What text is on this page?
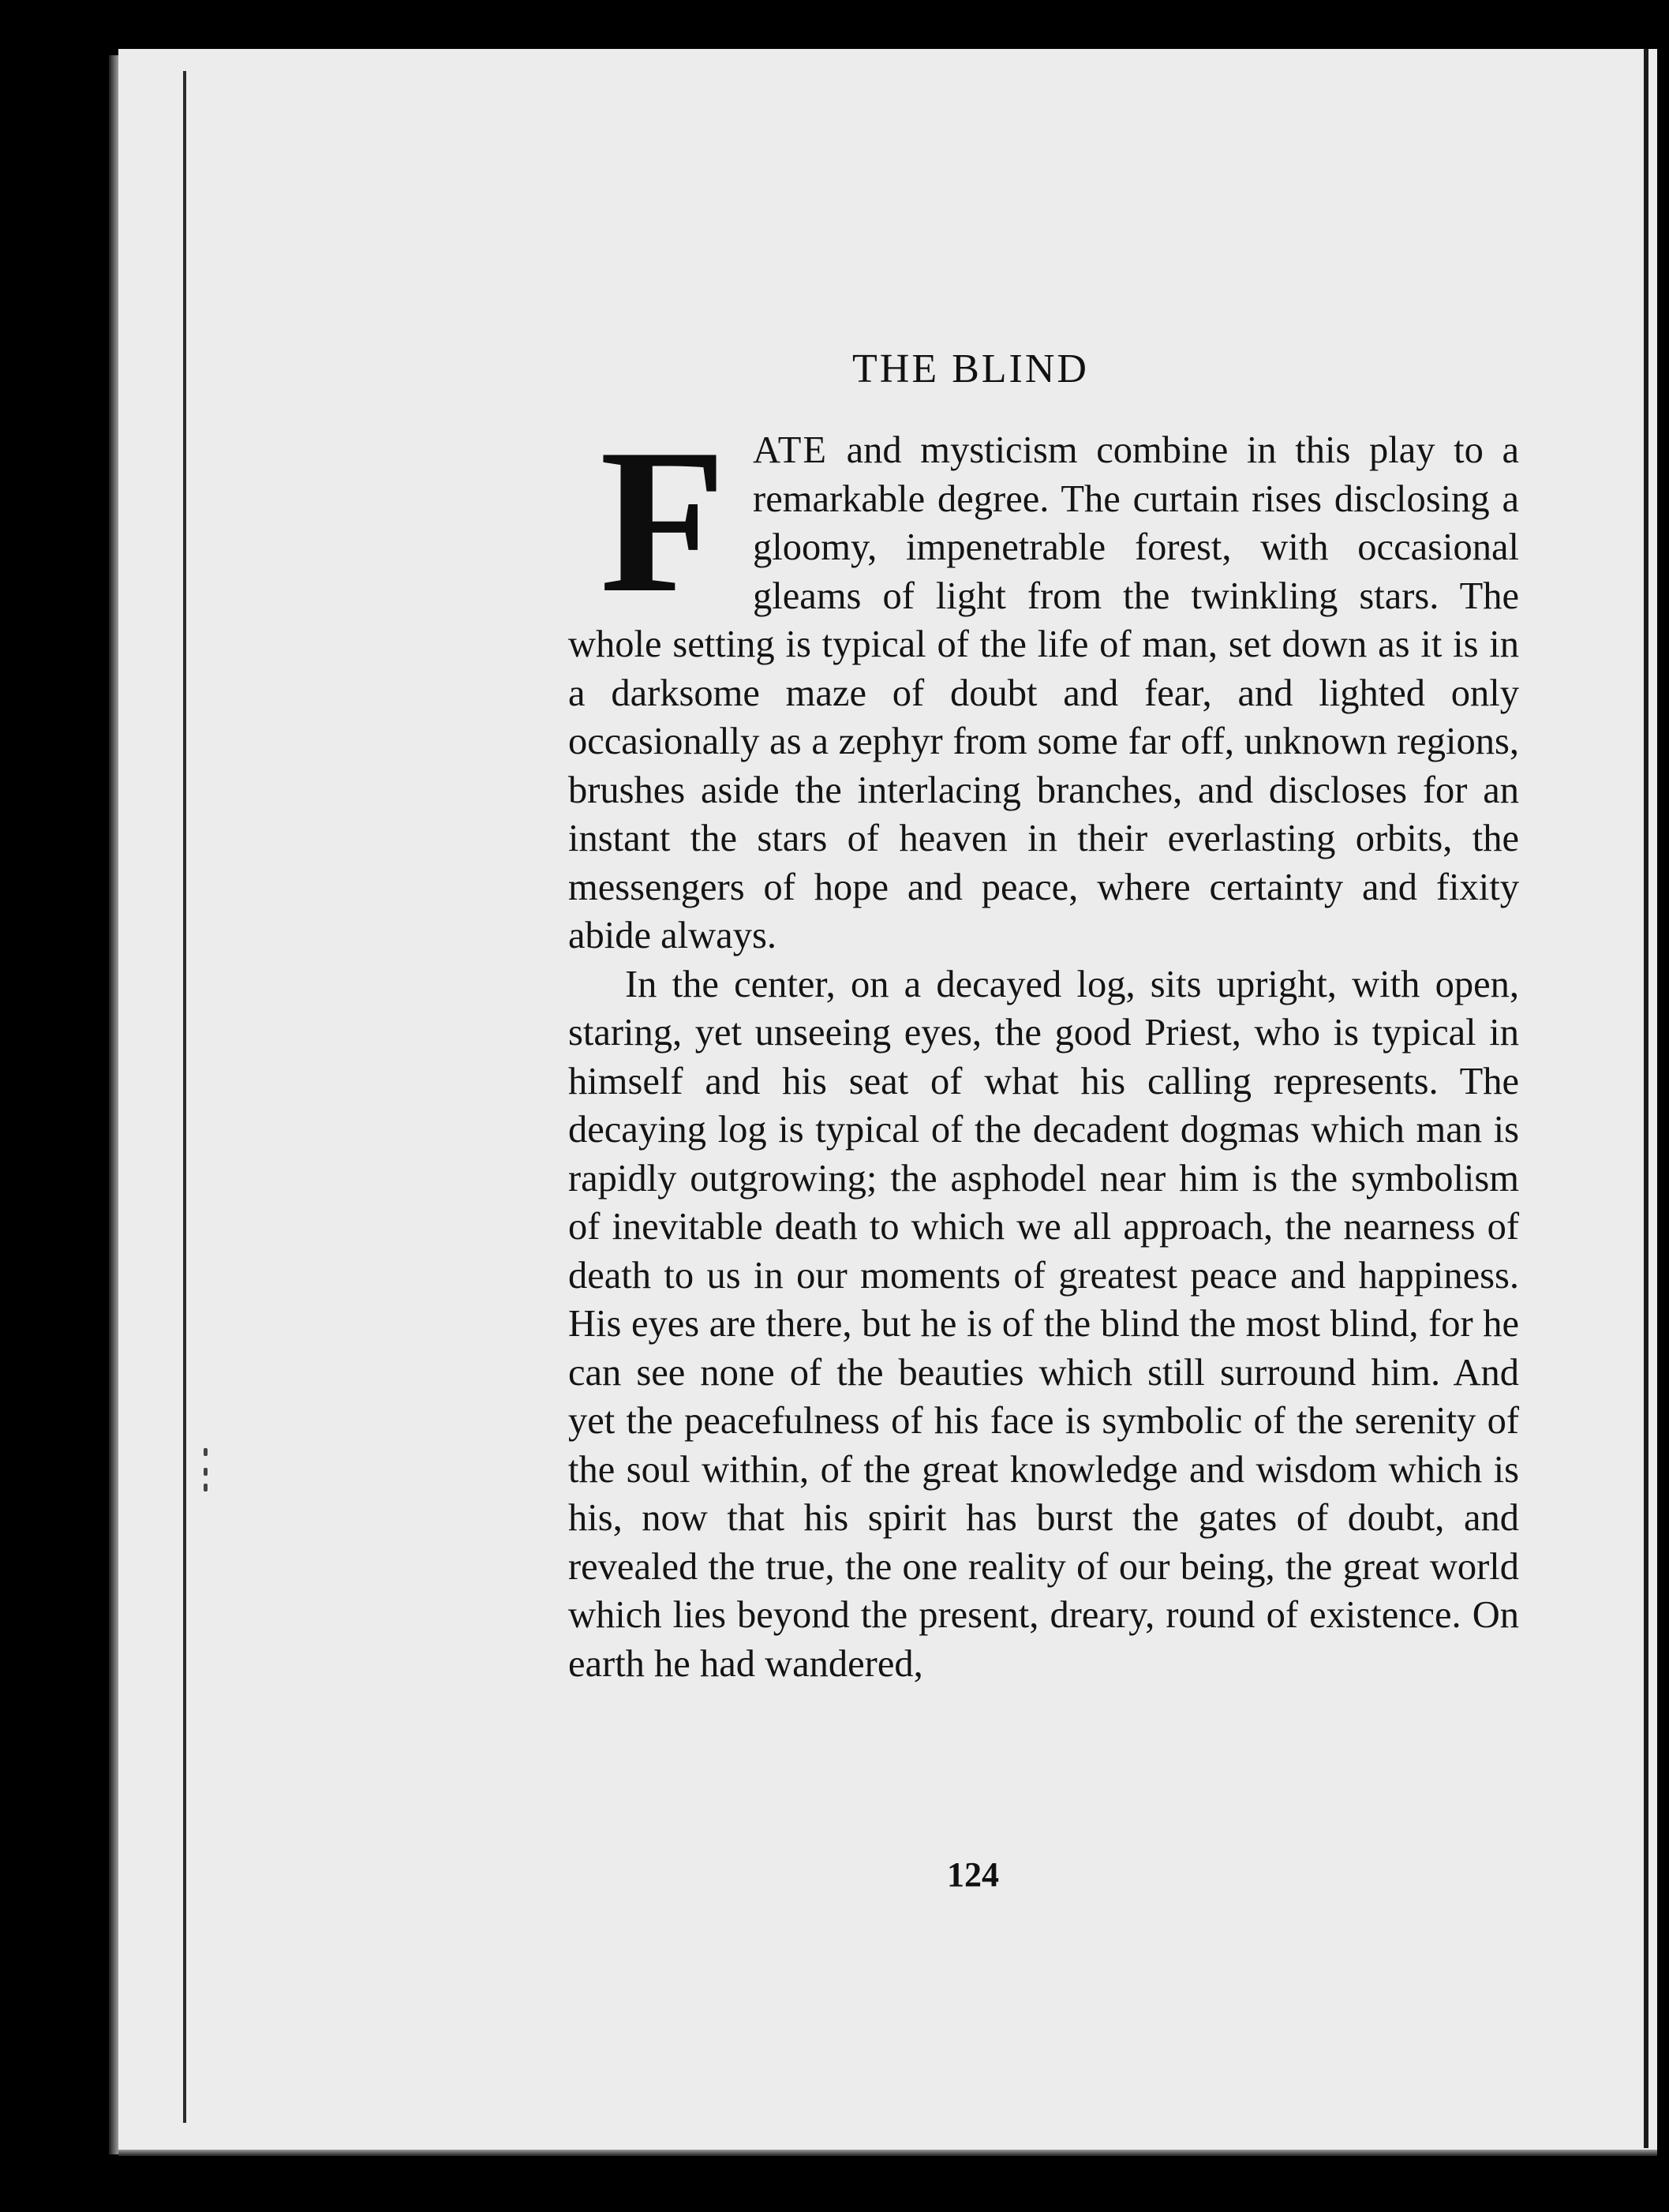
THE BLIND

FATE and mysticism combine in this play to a remarkable degree. The curtain rises disclosing a gloomy, impenetrable forest, with occasional gleams of light from the twinkling stars. The whole setting is typical of the life of man, set down as it is in a darksome maze of doubt and fear, and lighted only occasionally as a zephyr from some far off, unknown regions, brushes aside the interlacing branches, and discloses for an instant the stars of heaven in their everlasting orbits, the messengers of hope and peace, where certainty and fixity abide always.

In the center, on a decayed log, sits upright, with open, staring, yet unseeing eyes, the good Priest, who is typical in himself and his seat of what his calling represents. The decaying log is typical of the decadent dogmas which man is rapidly outgrowing; the asphodel near him is the symbolism of inevitable death to which we all approach, the nearness of death to us in our moments of greatest peace and happiness. His eyes are there, but he is of the blind the most blind, for he can see none of the beauties which still surround him. And yet the peacefulness of his face is symbolic of the serenity of the soul within, of the great knowledge and wisdom which is his, now that his spirit has burst the gates of doubt, and revealed the true, the one reality of our being, the great world which lies beyond the present, dreary, round of existence. On earth he had wandered,

124
